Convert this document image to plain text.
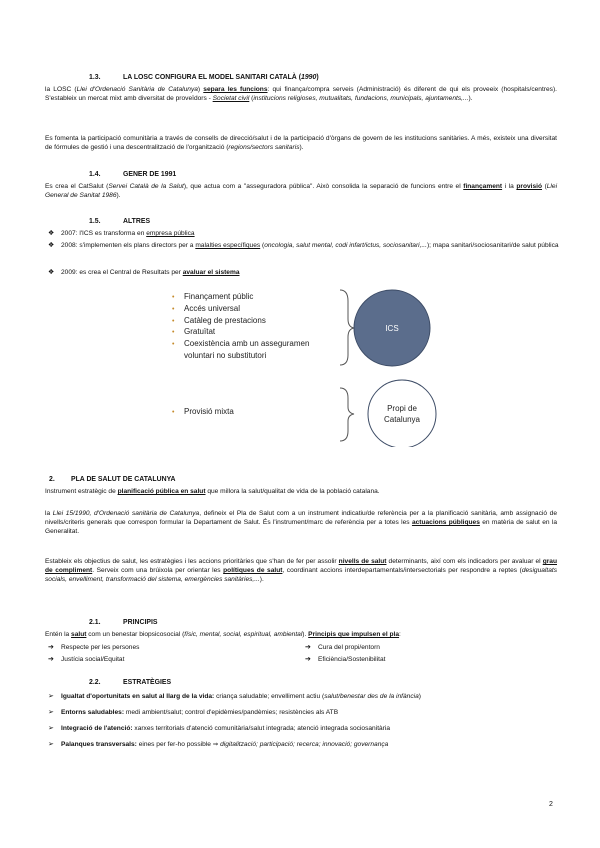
1.3.	LA LOSC CONFIGURA EL MODEL SANITARI CATALÀ (1990)
la LOSC (Llei d'Ordenació Sanitària de Catalunya) separa les funcions: qui finança/compra serveis (Administració) és diferent de qui els proveeix (hospitals/centres). S'estableix un mercat mixt amb diversitat de proveïdors - Societat civil (institucions religioses, mutualitats, fundacions, municipals, ajuntaments,...).
Es fomenta la participació comunitària a través de consells de direcció/salut i de la participació d'òrgans de govern de les institucions sanitàries. A més, existeix una diversitat de fórmules de gestió i una descentralització de l'organització (regions/sectors sanitaris).
1.4.	GENER DE 1991
Es crea el CatSalut (Servei Català de la Salut), que actua com a "asseguradora pública". Això consolida la separació de funcions entre el finançament i la provisió (Llei General de Sanitat 1986).
1.5.	ALTRES
❖ 2007: l'ICS es transforma en empresa pública
❖ 2008: s'implementen els plans directors per a malalties específiques (oncologia, salut mental, codi infart/ictus, sociosanitari,...); mapa sanitari/sociosanitari/de salut pública
❖ 2009: es crea el Central de Resultats per avaluar el sistema
• Finançament públic
• Accés universal
• Catàleg de prestacions
• Gratuïtat
• Coexistència amb un asseguramen
voluntari no substitutori
• Provisió mixta
ICS
Propi de
Catalunya
2. PLA DE SALUT DE CATALUNYA
Instrument estratègic de planificació pública en salut que millora la salut/qualitat de vida de la població catalana.
la Llei 15/1990, d'Ordenació sanitària de Catalunya, defineix el Pla de Salut com a un instrument indicatiu/de referència per a la planificació sanitària, amb assignació de nivells/criteris generals que correspon formular la Departament de Salut. És l'instrument/marc de referència per a totes les actuacions públiques en matèria de salut en la Generalitat.
Estableix els objectius de salut, les estratègies i les accions prioritàries que s'han de fer per assolir nivells de salut determinants, així com els indicadors per avaluar el grau de compliment. Serveix com una brúixola per orientar les polítiques de salut, coordinant accions interdepartamentals/intersectorials per respondre a reptes (desigualtats socials, envelliment, transformació del sistema, emergències sanitàries,...).
2.1.	PRINCIPIS
Entén la salut com un benestar biopsicosocial (físic, mental, social, espiritual, ambiental). Principis que impulsen el pla:
➔ Respecte per les persones
➔ Justícia social/Equitat
➔ Cura del propi/entorn
➔ Eficiència/Sostenibilitat
2.2.	ESTRATÈGIES
➢ Igualtat d'oportunitats en salut al llarg de la vida: criança saludable; envelliment actiu (salut/benestar des de la infància)
➢ Entorns saludables: medi ambient/salut; control d'epidèmies/pandèmies; resistències als ATB
➢ Integració de l'atenció: xarxes territorials d'atenció comunitària/salut integrada; atenció integrada sociosanitària
➢ Palanques transversals: eines per fer-ho possible ⇒ digitalització; participació; recerca; innovació; governança
2
